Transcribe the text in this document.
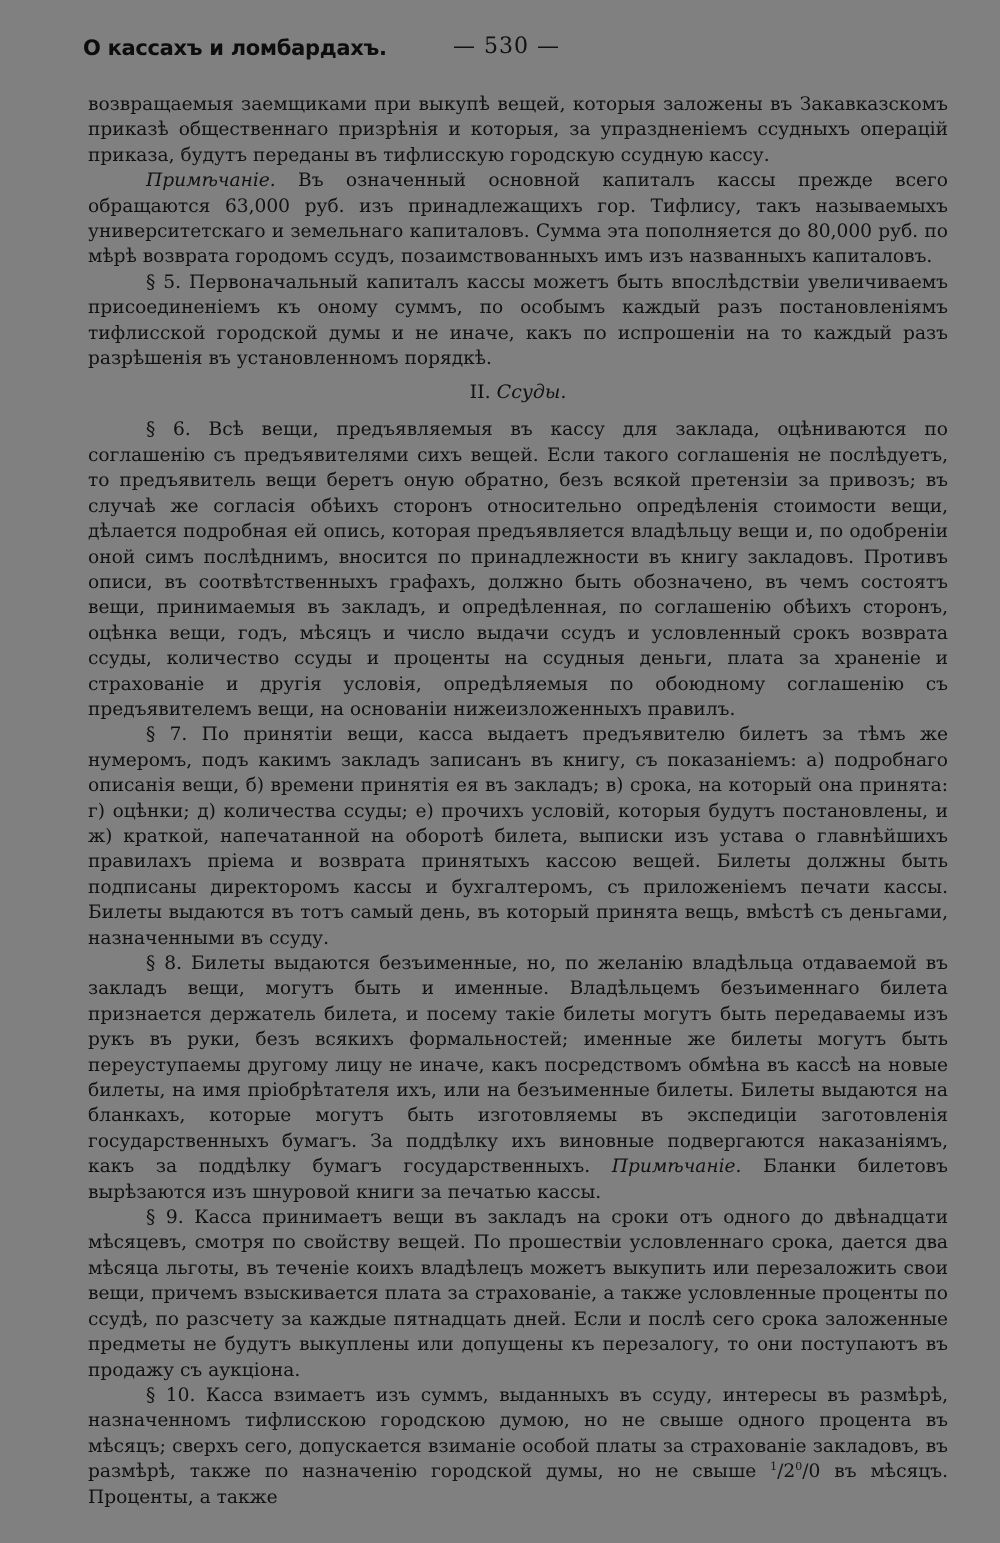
О кассахъ и ломбардахъ.	— 530 —

возвращаемыя заемщиками при выкупѣ вещей, которыя заложены въ Закавказскомъ приказѣ общественнаго призрѣнія и которыя, за упраздненіемъ ссудныхъ операцій приказа, будутъ переданы въ тифлисскую городскую ссудную кассу.

Примѣчаніе. Въ означенный основной капиталъ кассы прежде всего обращаются 63,000 руб. изъ принадлежащихъ гор. Тифлису, такъ называемыхъ университетскаго и земельнаго капиталовъ. Сумма эта пополняется до 80,000 руб. по мѣрѣ возврата городомъ ссудъ, позаимствованныхъ имъ изъ названныхъ капиталовъ.

§ 5. Первоначальный капиталъ кассы можетъ быть впослѣдствіи увеличиваемъ присоединеніемъ къ оному суммъ, по особымъ каждый разъ постановленіямъ тифлисской городской думы и не иначе, какъ по испрошеніи на то каждый разъ разрѣшенія въ установленномъ порядкѣ.

II. Ссуды.

§ 6. Всѣ вещи, предъявляемыя въ кассу для заклада, оцѣниваются по соглашенію съ предъявителями сихъ вещей. Если такого соглашенія не послѣдуетъ, то предъявитель вещи беретъ оную обратно, безъ всякой претензіи за привозъ; въ случаѣ же согласія обѣихъ сторонъ относительно опредѣленія стоимости вещи, дѣлается подробная ей опись, которая предъявляется владѣльцу вещи и, по одобреніи оной симъ послѣднимъ, вносится по принадлежности въ книгу закладовъ. Противъ описи, въ соотвѣтственныхъ графахъ, должно быть обозначено, въ чемъ состоятъ вещи, принимаемыя въ закладъ, и опредѣленная, по соглашенію обѣихъ сторонъ, оцѣнка вещи, годъ, мѣсяцъ и число выдачи ссудъ и условленный срокъ возврата ссуды, количество ссуды и проценты на ссудныя деньги, плата за храненіе и страхованіе и другія условія, опредѣляемыя по обоюдному соглашенію съ предъявителемъ вещи, на основаніи нижеизложенныхъ правилъ.

§ 7. По принятіи вещи, касса выдаетъ предъявителю билетъ за тѣмъ же нумеромъ, подъ какимъ закладъ записанъ въ книгу, съ показаніемъ: а) подробнаго описанія вещи, б) времени принятія ея въ закладъ; в) срока, на который она принята: г) оцѣнки; д) количества ссуды; е) прочихъ условій, которыя будутъ постановлены, и ж) краткой, напечатанной на оборотѣ билета, выписки изъ устава о главнѣйшихъ правилахъ пріема и возврата принятыхъ кассою вещей. Билеты должны быть подписаны директоромъ кассы и бухгалтеромъ, съ приложеніемъ печати кассы. Билеты выдаются въ тотъ самый день, въ который принята вещь, вмѣстѣ съ деньгами, назначенными въ ссуду.

§ 8. Билеты выдаются безъименные, но, по желанію владѣльца отдаваемой въ закладъ вещи, могутъ быть и именные. Владѣльцемъ безъименнаго билета признается держатель билета, и посему такіе билеты могутъ быть передаваемы изъ рукъ въ руки, безъ всякихъ формальностей; именные же билеты могутъ быть переуступаемы другому лицу не иначе, какъ посредствомъ обмѣна въ кассѣ на новые билеты, на имя пріобрѣтателя ихъ, или на безъименные билеты. Билеты выдаются на бланкахъ, которые могутъ быть изготовляемы въ экспедиціи заготовленія государственныхъ бумагъ. За поддѣлку ихъ виновные подвергаются наказаніямъ, какъ за поддѣлку бумагъ государственныхъ. Примѣчаніе. Бланки билетовъ вырѣзаются изъ шнуровой книги за печатью кассы.

§ 9. Касса принимаетъ вещи въ закладъ на сроки отъ одного до двѣнадцати мѣсяцевъ, смотря по свойству вещей. По прошествіи условленнаго срока, дается два мѣсяца льготы, въ теченіе коихъ владѣлецъ можетъ выкупить или перезаложить свои вещи, причемъ взыскивается плата за страхованіе, а также условленные проценты по ссудѣ, по разсчету за каждые пятнадцать дней. Если и послѣ сего срока заложенные предметы не будутъ выкуплены или допущены къ перезалогу, то они поступаютъ въ продажу съ аукціона.

§ 10. Касса взимаетъ изъ суммъ, выданныхъ въ ссуду, интересы въ размѣрѣ, назначенномъ тифлисскою городскою думою, но не свыше одного процента въ мѣсяцъ; сверхъ сего, допускается взиманіе особой платы за страхованіе закладовъ, въ размѣрѣ, также по назначенію городской думы, но не свыше $^1/2^0/0$ въ мѣсяцъ. Проценты, а также
